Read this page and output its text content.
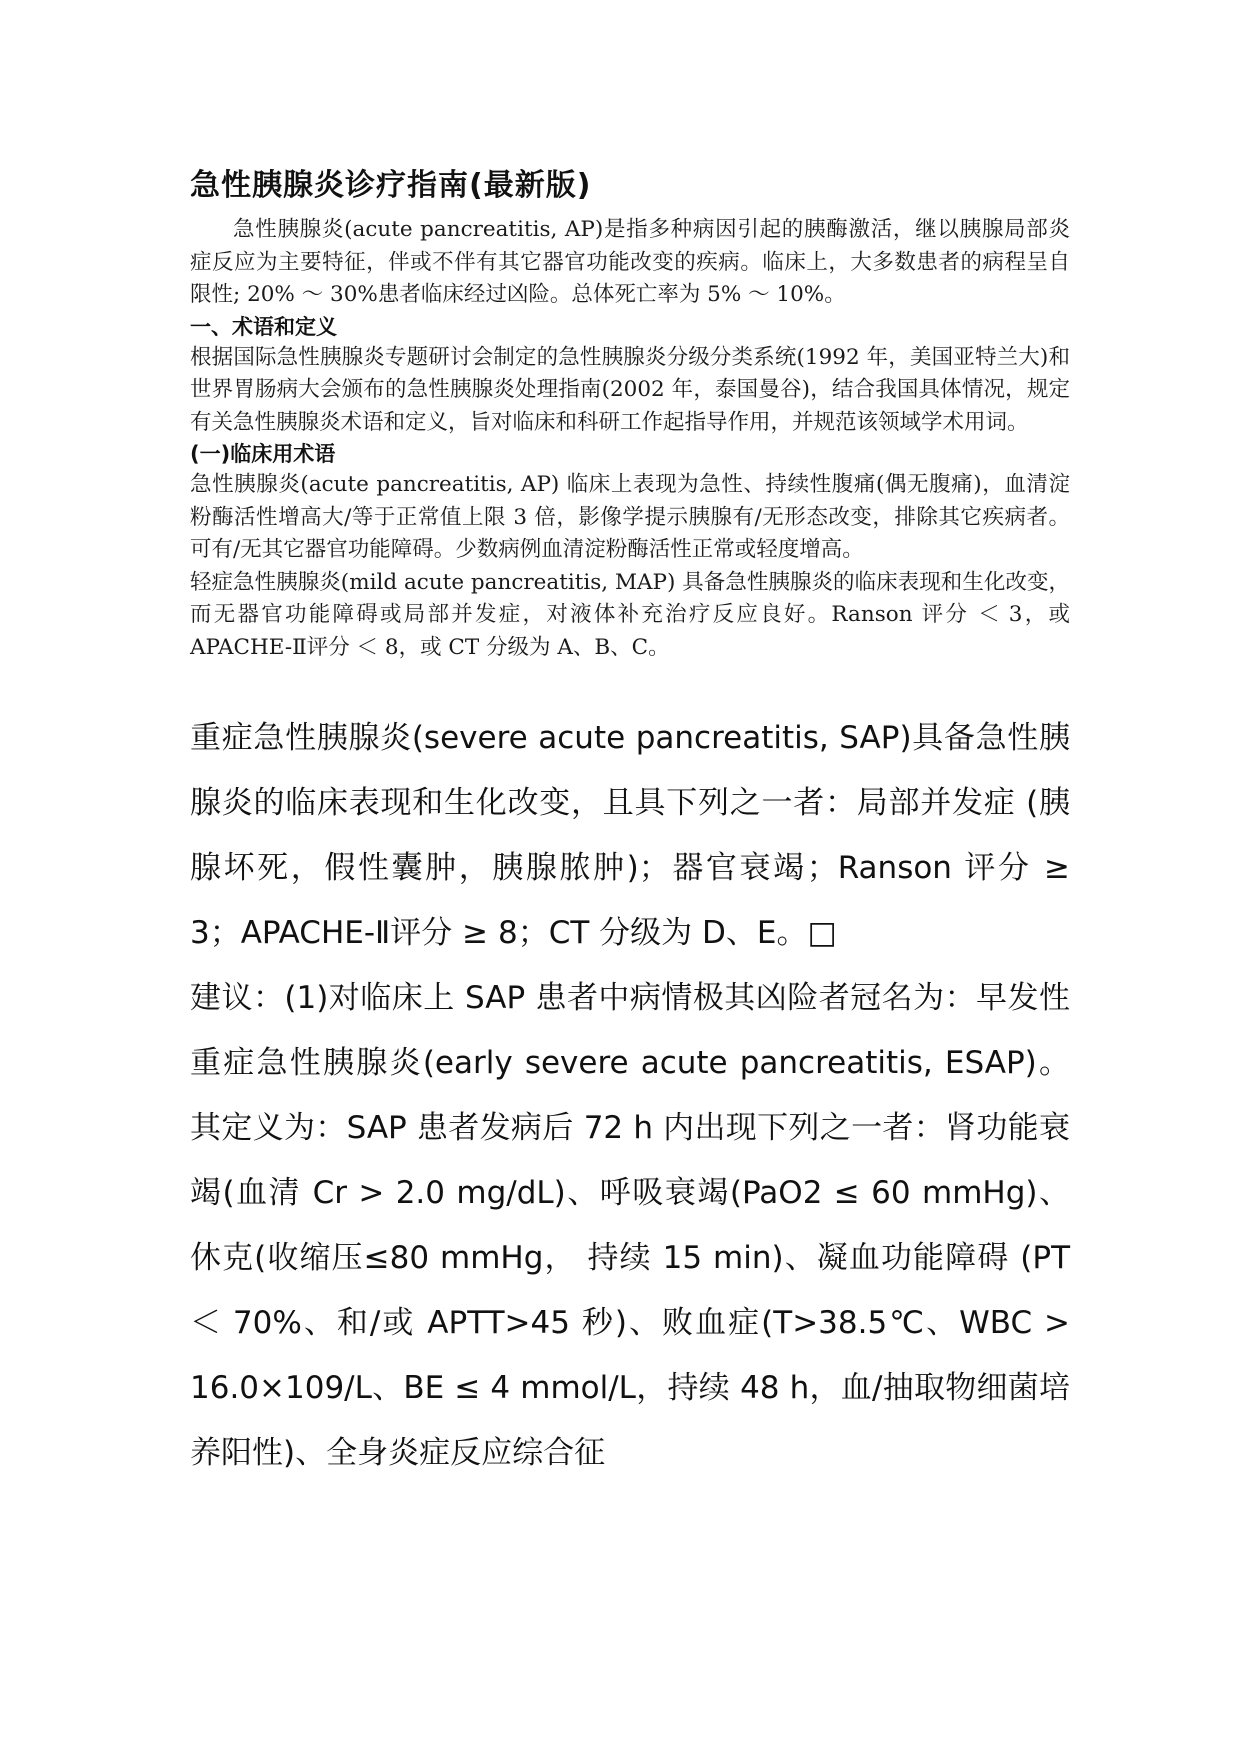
急性胰腺炎诊疗指南(最新版)

急性胰腺炎(acute pancreatitis, AP)是指多种病因引起的胰酶激活，继以胰腺局部炎症反应为主要特征，伴或不伴有其它器官功能改变的疾病。临床上，大多数患者的病程呈自限性; 20% ～ 30%患者临床经过凶险。总体死亡率为 5% ～ 10%。

一、术语和定义

根据国际急性胰腺炎专题研讨会制定的急性胰腺炎分级分类系统(1992 年，美国亚特兰大)和世界胃肠病大会颁布的急性胰腺炎处理指南(2002 年，泰国曼谷)，结合我国具体情况，规定有关急性胰腺炎术语和定义，旨对临床和科研工作起指导作用，并规范该领域学术用词。

(一)临床用术语

急性胰腺炎(acute pancreatitis, AP) 临床上表现为急性、持续性腹痛(偶无腹痛)，血清淀粉酶活性增高大/等于正常值上限 3 倍，影像学提示胰腺有/无形态改变，排除其它疾病者。可有/无其它器官功能障碍。少数病例血清淀粉酶活性正常或轻度增高。

轻症急性胰腺炎(mild acute pancreatitis, MAP) 具备急性胰腺炎的临床表现和生化改变，而无器官功能障碍或局部并发症，对液体补充治疗反应良好。Ranson 评分 ＜ 3，或 APACHE-Ⅱ评分 ＜ 8，或 CT 分级为 A、B、C。

重症急性胰腺炎(severe acute pancreatitis, SAP)具备急性胰腺炎的临床表现和生化改变，且具下列之一者：局部并发症 (胰腺坏死，假性囊肿，胰腺脓肿)；器官衰竭；Ranson 评分 ≥ 3；APACHE-Ⅱ评分 ≥ 8；CT 分级为 D、E。□

建议：(1)对临床上 SAP 患者中病情极其凶险者冠名为：早发性重症急性胰腺炎(early severe acute pancreatitis, ESAP)。其定义为：SAP 患者发病后 72 h 内出现下列之一者：肾功能衰竭(血清 Cr > 2.0 mg/dL)、呼吸衰竭(PaO2 ≤ 60 mmHg)、休克(收缩压≤80 mmHg， 持续 15 min)、凝血功能障碍 (PT ＜ 70%、和/或 APTT>45 秒)、败血症(T>38.5℃、WBC > 16.0×109/L、BE ≤ 4 mmol/L，持续 48 h，血/抽取物细菌培养阳性)、全身炎症反应综合征
